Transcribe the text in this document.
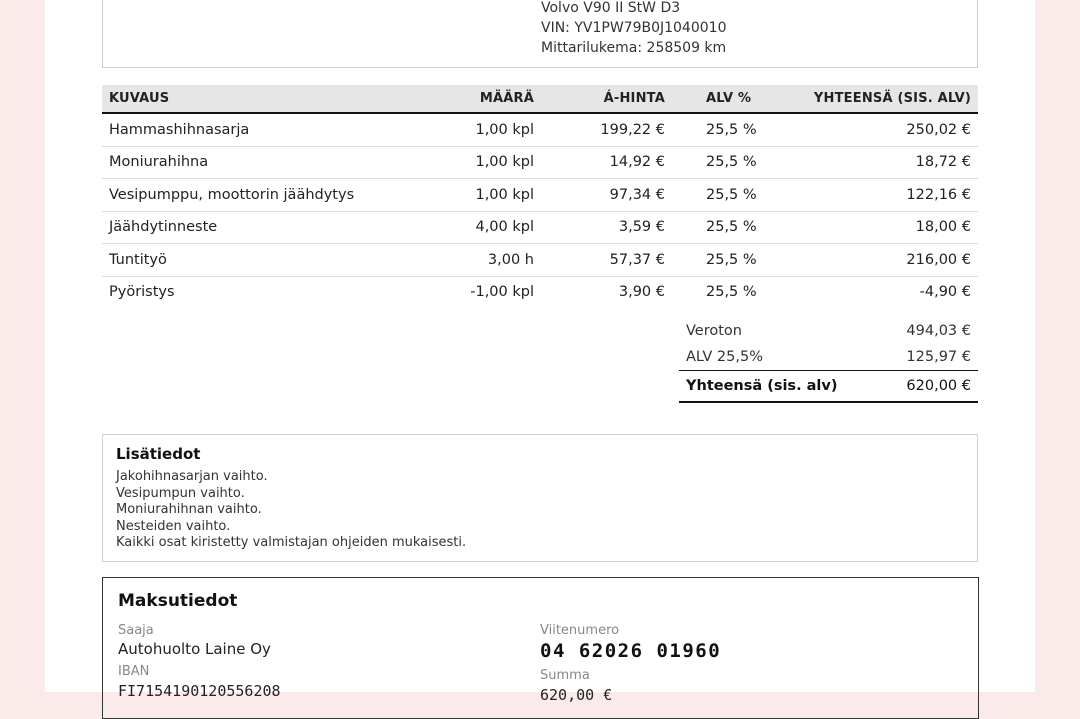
Volvo V90 II StW D3
VIN: YV1PW79B0J1040010
Mittarilukema: 258509 km
KUVAUS	MÄÄRÄ	Á-HINTA	ALV %	YHTEENSÄ (SIS. ALV)
Hammashihnasarja	1,00 kpl	199,22 €	25,5 %	250,02 €
Moniurahihna	1,00 kpl	14,92 €	25,5 %	18,72 €
Vesipumppu, moottorin jäähdytys	1,00 kpl	97,34 €	25,5 %	122,16 €
Jäähdytinneste	4,00 kpl	3,59 €	25,5 %	18,00 €
Tuntityö	3,00 h	57,37 €	25,5 %	216,00 €
Pyöristys	-1,00 kpl	3,90 €	25,5 %	-4,90 €
Veroton	494,03 €
ALV 25,5%	125,97 €
Yhteensä (sis. alv)	620,00 €
Lisätiedot
Jakohihnasarjan vaihto.
Vesipumpun vaihto.
Moniurahihnan vaihto.
Nesteiden vaihto.
Kaikki osat kiristetty valmistajan ohjeiden mukaisesti.
Maksutiedot
Saaja
Autohuolto Laine Oy
IBAN
FI7154190120556208
Viitenumero
04 62026 01960
Summa
620,00 €
